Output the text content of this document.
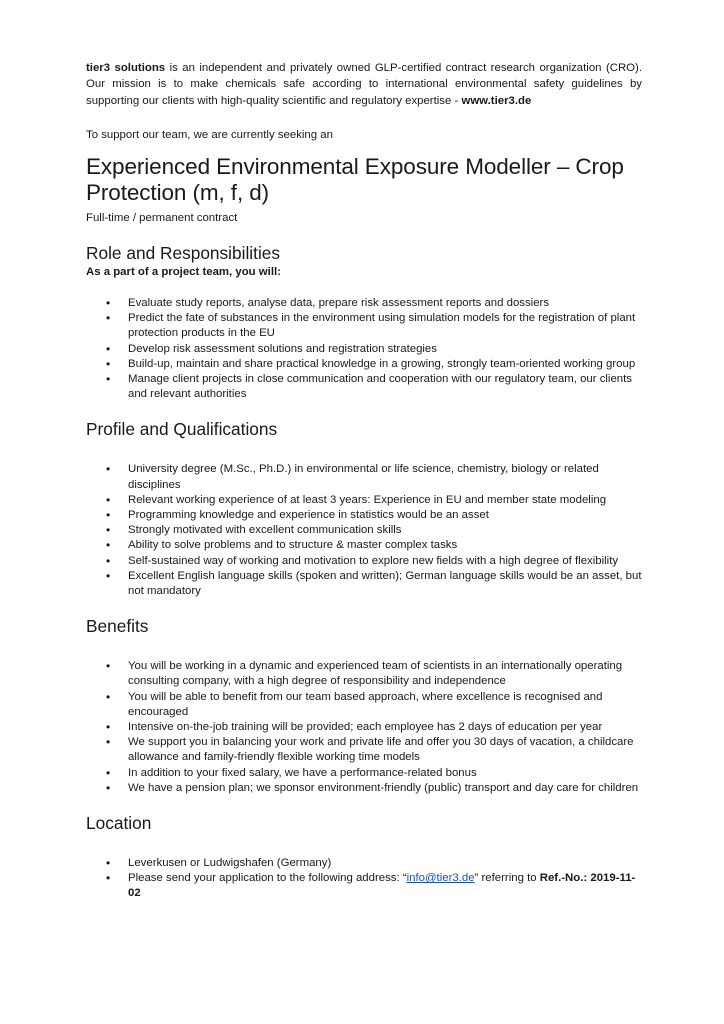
tier3 solutions is an independent and privately owned GLP-certified contract research organization (CRO). Our mission is to make chemicals safe according to international environmental safety guidelines by supporting our clients with high-quality scientific and regulatory expertise - www.tier3.de

To support our team, we are currently seeking an

Experienced Environmental Exposure Modeller – Crop Protection (m, f, d)

Full-time / permanent contract

Role and Responsibilities

As a part of a project team, you will:

• Evaluate study reports, analyse data, prepare risk assessment reports and dossiers
• Predict the fate of substances in the environment using simulation models for the registration of plant protection products in the EU
• Develop risk assessment solutions and registration strategies
• Build-up, maintain and share practical knowledge in a growing, strongly team-oriented working group
• Manage client projects in close communication and cooperation with our regulatory team, our clients and relevant authorities
Profile and Qualifications
• University degree (M.Sc., Ph.D.) in environmental or life science, chemistry, biology or related disciplines
• Relevant working experience of at least 3 years: Experience in EU and member state modeling
• Programming knowledge and experience in statistics would be an asset
• Strongly motivated with excellent communication skills
• Ability to solve problems and to structure & master complex tasks
• Self-sustained way of working and motivation to explore new fields with a high degree of flexibility
• Excellent English language skills (spoken and written); German language skills would be an asset, but not mandatory
Benefits
• You will be working in a dynamic and experienced team of scientists in an internationally operating consulting company, with a high degree of responsibility and independence
• You will be able to benefit from our team based approach, where excellence is recognised and encouraged
• Intensive on-the-job training will be provided; each employee has 2 days of education per year
• We support you in balancing your work and private life and offer you 30 days of vacation, a childcare allowance and family-friendly flexible working time models
• In addition to your fixed salary, we have a performance-related bonus
• We have a pension plan; we sponsor environment-friendly (public) transport and day care for children
Location
• Leverkusen or Ludwigshafen (Germany)
• Please send your application to the following address: “info@tier3.de” referring to Ref.-No.: 2019-11-02
